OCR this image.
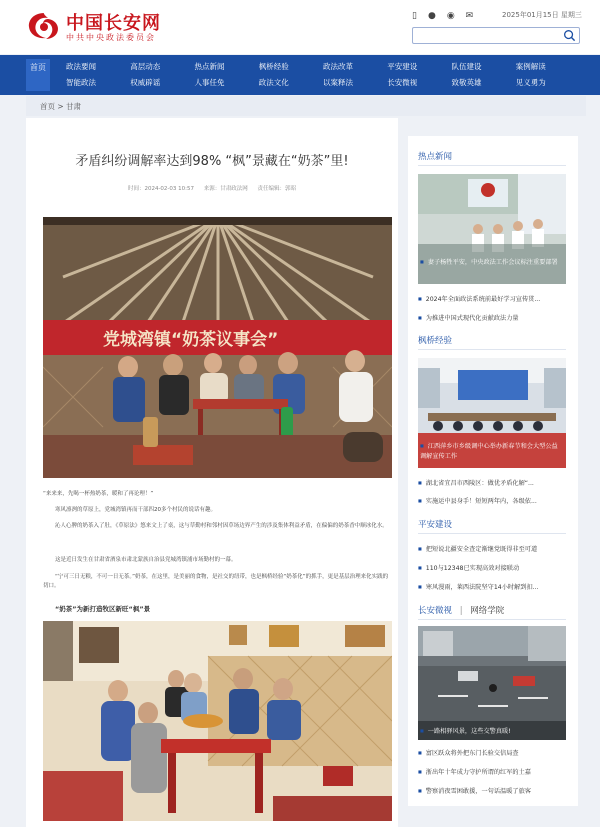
中国长安网
中共中央政法委员会
▯ ● ◉ ✉	2025年01月15日 星期三
首页	政法要闻	高层动态	热点新闻	枫桥经验	政法改革	平安建设	队伍建设	案例解读
智能政法	权威辟谣	人事任免	政法文化	以案释法	长安微视	致敬英雄	见义勇为
首页 > 甘肃
矛盾纠纷调解率达到98% “枫”景藏在“奶茶”里!
时间：2024-02-03 10:57 来源：甘肃政法网 责任编辑：郭昭
党城湾镇“奶茶议事会”
“来来来，先喝一杯热奶茶，暖和了再论理！”
寒风凛冽的草原上，党城湾镇再而干部四20多个村民的说话有趣。
沁人心脾的奶茶入了肚，《草原法》悠来文上了桌，这与草勤村和邻村因草场边界产生的涉及集体利益矛盾，在偏偏的奶茶香中顺冰化水。
这是近日发生在甘肃省酒泉市肃北蒙族自治县党城湾镇浦市场勤村的一幕。
“宁可三日无粮，不可一日无茶。”奶茶，在这里，是美丽的食物，是社交的纽带，也是枫桥经验“奶茶化”的抓手，更是基层治理来化实践的切口。
“奶茶”为新打造牧区新旺“枫”景
热点新闻
■ 妻子杨牲平安，中央政法工作会议标注重要部署
■ 2024年全面政法系统前最好学习宣传贯...
■ 为推进中国式现代化贡献政法力量
枫桥经验
■ 江西萍乡市乡级调中心举办新春节和会大型公益调解宣传工作
■ 湖北省宜昌市西陵区：做优矛盾化解“...
■ 实施运中县身手！短短两年内，各级依...
平安建设
■ 把短说北疆安全查定渐继党既得非至可道
■ 110与12348已实现高效对接联动
■ 寒风漫雨，莱西法院坚守14小时解到扣...
长安微视 | 网络学院
■ 一路相驿风景，这些交警真暖!
■ 富区跃众将外把东门长验交信局查
■ 浙出年十年成力守护所谓的红军的土嘉
■ 警察消夜雪困敢援，一句话温暖了旅客
